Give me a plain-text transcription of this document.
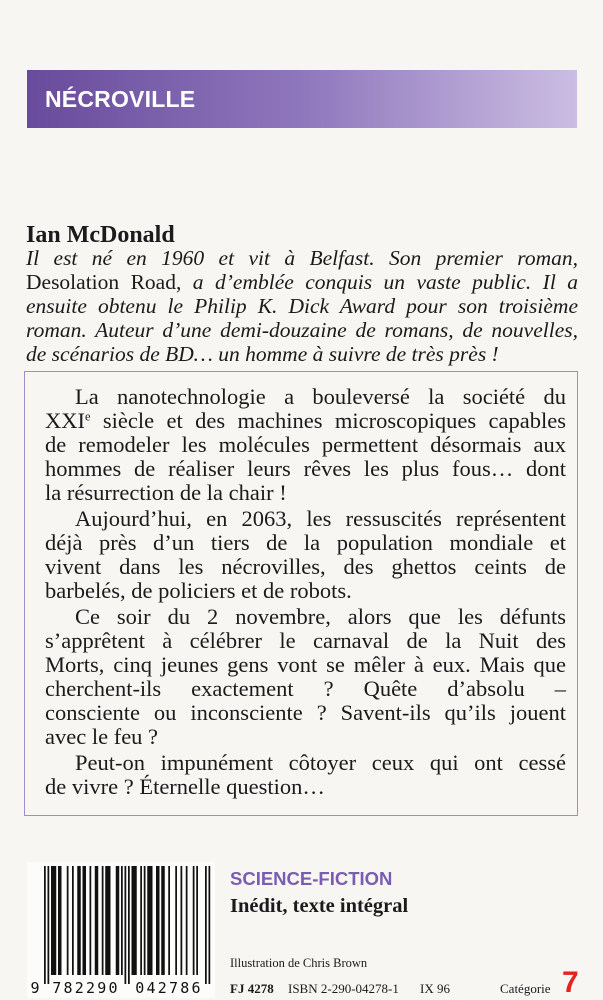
NÉCROVILLE
Ian McDonald
Il est né en 1960 et vit à Belfast. Son premier roman,
Desolation Road, a d’emblée conquis un vaste public. Il a
ensuite obtenu le Philip K. Dick Award pour son troisième
roman. Auteur d’une demi-douzaine de romans, de nouvelles,
de scénarios de BD… un homme à suivre de très près !
La nanotechnologie a bouleversé la société du
XXIe siècle et des machines microscopiques capables
de remodeler les molécules permettent désormais aux
hommes de réaliser leurs rêves les plus fous… dont
la résurrection de la chair !
Aujourd’hui, en 2063, les ressuscités représentent
déjà près d’un tiers de la population mondiale et
vivent dans les nécrovilles, des ghettos ceints de
barbelés, de policiers et de robots.
Ce soir du 2 novembre, alors que les défunts
s’apprêtent à célébrer le carnaval de la Nuit des
Morts, cinq jeunes gens vont se mêler à eux. Mais que
cherchent-ils exactement ? Quête d’absolu –
consciente ou inconsciente ? Savent-ils qu’ils jouent
avec le feu ?
Peut-on impunément côtoyer ceux qui ont cessé
de vivre ? Éternelle question…
9 782290 042786
SCIENCE-FICTION
Inédit, texte intégral
Illustration de Chris Brown
FJ 4278 ISBN 2-290-04278-1 IX 96	Catégorie 7
